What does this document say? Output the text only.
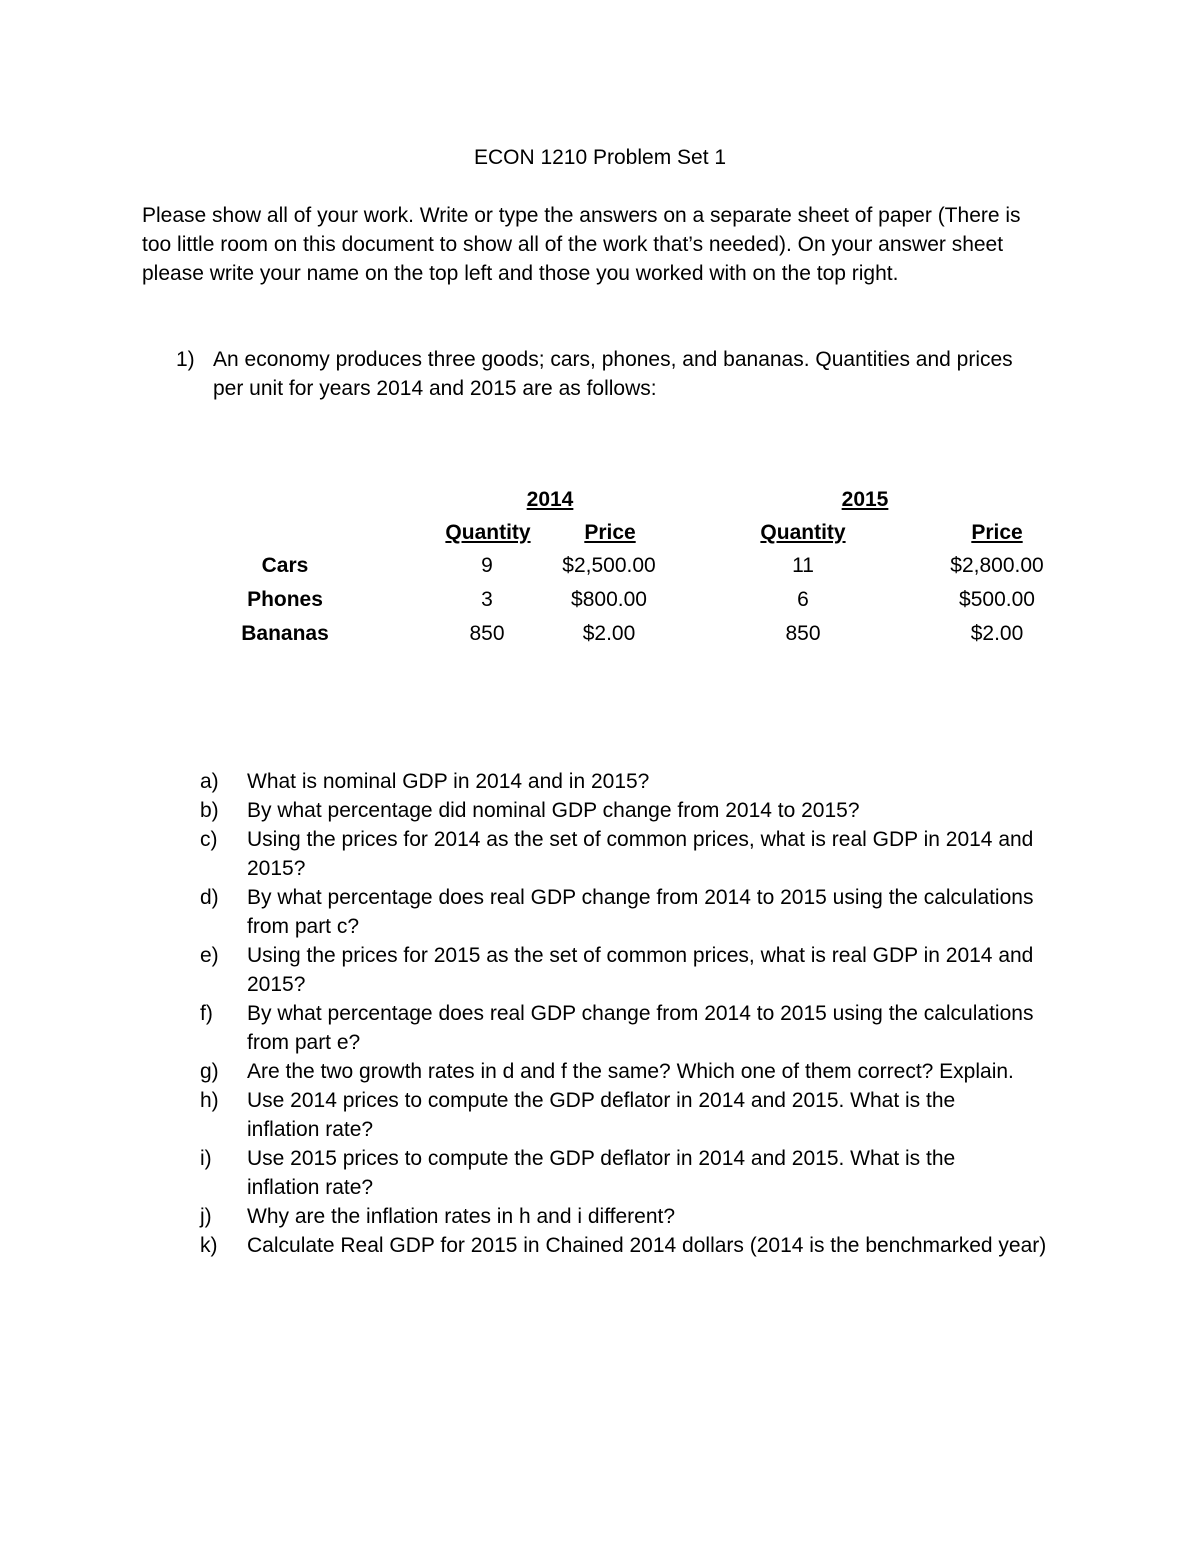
ECON 1210 Problem Set 1
Please show all of your work. Write or type the answers on a separate sheet of paper (There is
too little room on this document to show all of the work that’s needed). On your answer sheet
please write your name on the top left and those you worked with on the top right.
1) An economy produces three goods; cars, phones, and bananas. Quantities and prices
per unit for years 2014 and 2015 are as follows:
2014	2015
Quantity	Price	Quantity	Price
Cars	9	$2,500.00	11	$2,800.00
Phones	3	$800.00	6	$500.00
Bananas	850	$2.00	850	$2.00
a) What is nominal GDP in 2014 and in 2015?
b) By what percentage did nominal GDP change from 2014 to 2015?
c) Using the prices for 2014 as the set of common prices, what is real GDP in 2014 and
2015?
d) By what percentage does real GDP change from 2014 to 2015 using the calculations
from part c?
e) Using the prices for 2015 as the set of common prices, what is real GDP in 2014 and
2015?
f) By what percentage does real GDP change from 2014 to 2015 using the calculations
from part e?
g) Are the two growth rates in d and f the same? Which one of them correct? Explain.
h) Use 2014 prices to compute the GDP deflator in 2014 and 2015. What is the
inflation rate?
i) Use 2015 prices to compute the GDP deflator in 2014 and 2015. What is the
inflation rate?
j) Why are the inflation rates in h and i different?
k) Calculate Real GDP for 2015 in Chained 2014 dollars (2014 is the benchmarked year)
